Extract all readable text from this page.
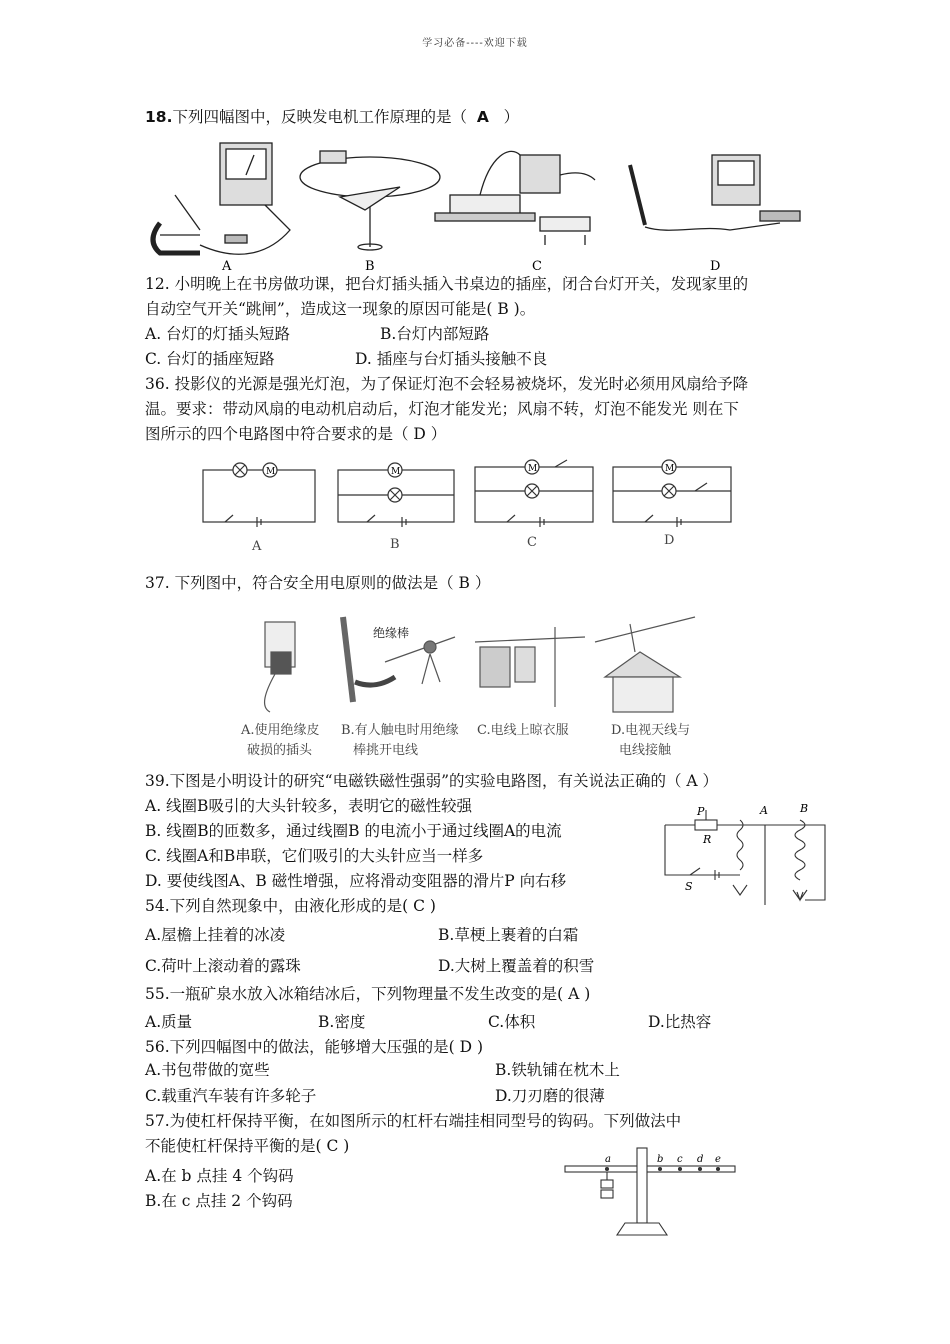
学习必备----欢迎下载
18.下列四幅图中，反映发电机工作原理的是（ A ）
A	B	C	D
12. 小明晚上在书房做功课，把台灯插头插入书桌边的插座，闭合台灯开关，发现家里的
自动空气开关“跳闸”，造成这一现象的原因可能是( B )。
A. 台灯的灯插头短路	B.台灯内部短路
C. 台灯的插座短路	D. 插座与台灯插头接触不良
36. 投影仪的光源是强光灯泡，为了保证灯泡不会轻易被烧坏，发光时必须用风扇给予降
温。要求：带动风扇的电动机启动后，灯泡才能发光；风扇不转，灯泡不能发光 则在下
图所示的四个电路图中符合要求的是（ D ）
M	M	M	M
A	B	C	D
37. 下列图中，符合安全用电原则的做法是（ B ）
绝缘棒
A.使用绝缘皮
破损的插头
B.有人触电时用绝缘
棒挑开电线
C.电线上晾衣服	D.电视天线与
电线接触
39.下图是小明设计的研究“电磁铁磁性强弱”的实验电路图，有关说法正确的（ A ）
A. 线圈B吸引的大头针较多，表明它的磁性较强
B. 线圈B的匝数多，通过线圈B 的电流小于通过线圈A的电流
C. 线圈A和B串联，它们吸引的大头针应当一样多
D. 要使线图A、B 磁性增强，应将滑动变阻器的滑片P 向右移
P
R
A	B
S
54.下列自然现象中，由液化形成的是( C )
A.屋檐上挂着的冰凌	B.草梗上裹着的白霜
C.荷叶上滚动着的露珠	D.大树上覆盖着的积雪
55.一瓶矿泉水放入冰箱结冰后，下列物理量不发生改变的是( A )
A.质量	B.密度	C.体积	D.比热容
56.下列四幅图中的做法，能够增大压强的是( D )
A.书包带做的宽些	B.铁轨铺在枕木上
C.载重汽车装有许多轮子	D.刀刃磨的很薄
57.为使杠杆保持平衡，在如图所示的杠杆右端挂相同型号的钩码。下列做法中
不能使杠杆保持平衡的是( C )
A.在 b 点挂 4 个钩码
B.在 c 点挂 2 个钩码
a	b c d e
